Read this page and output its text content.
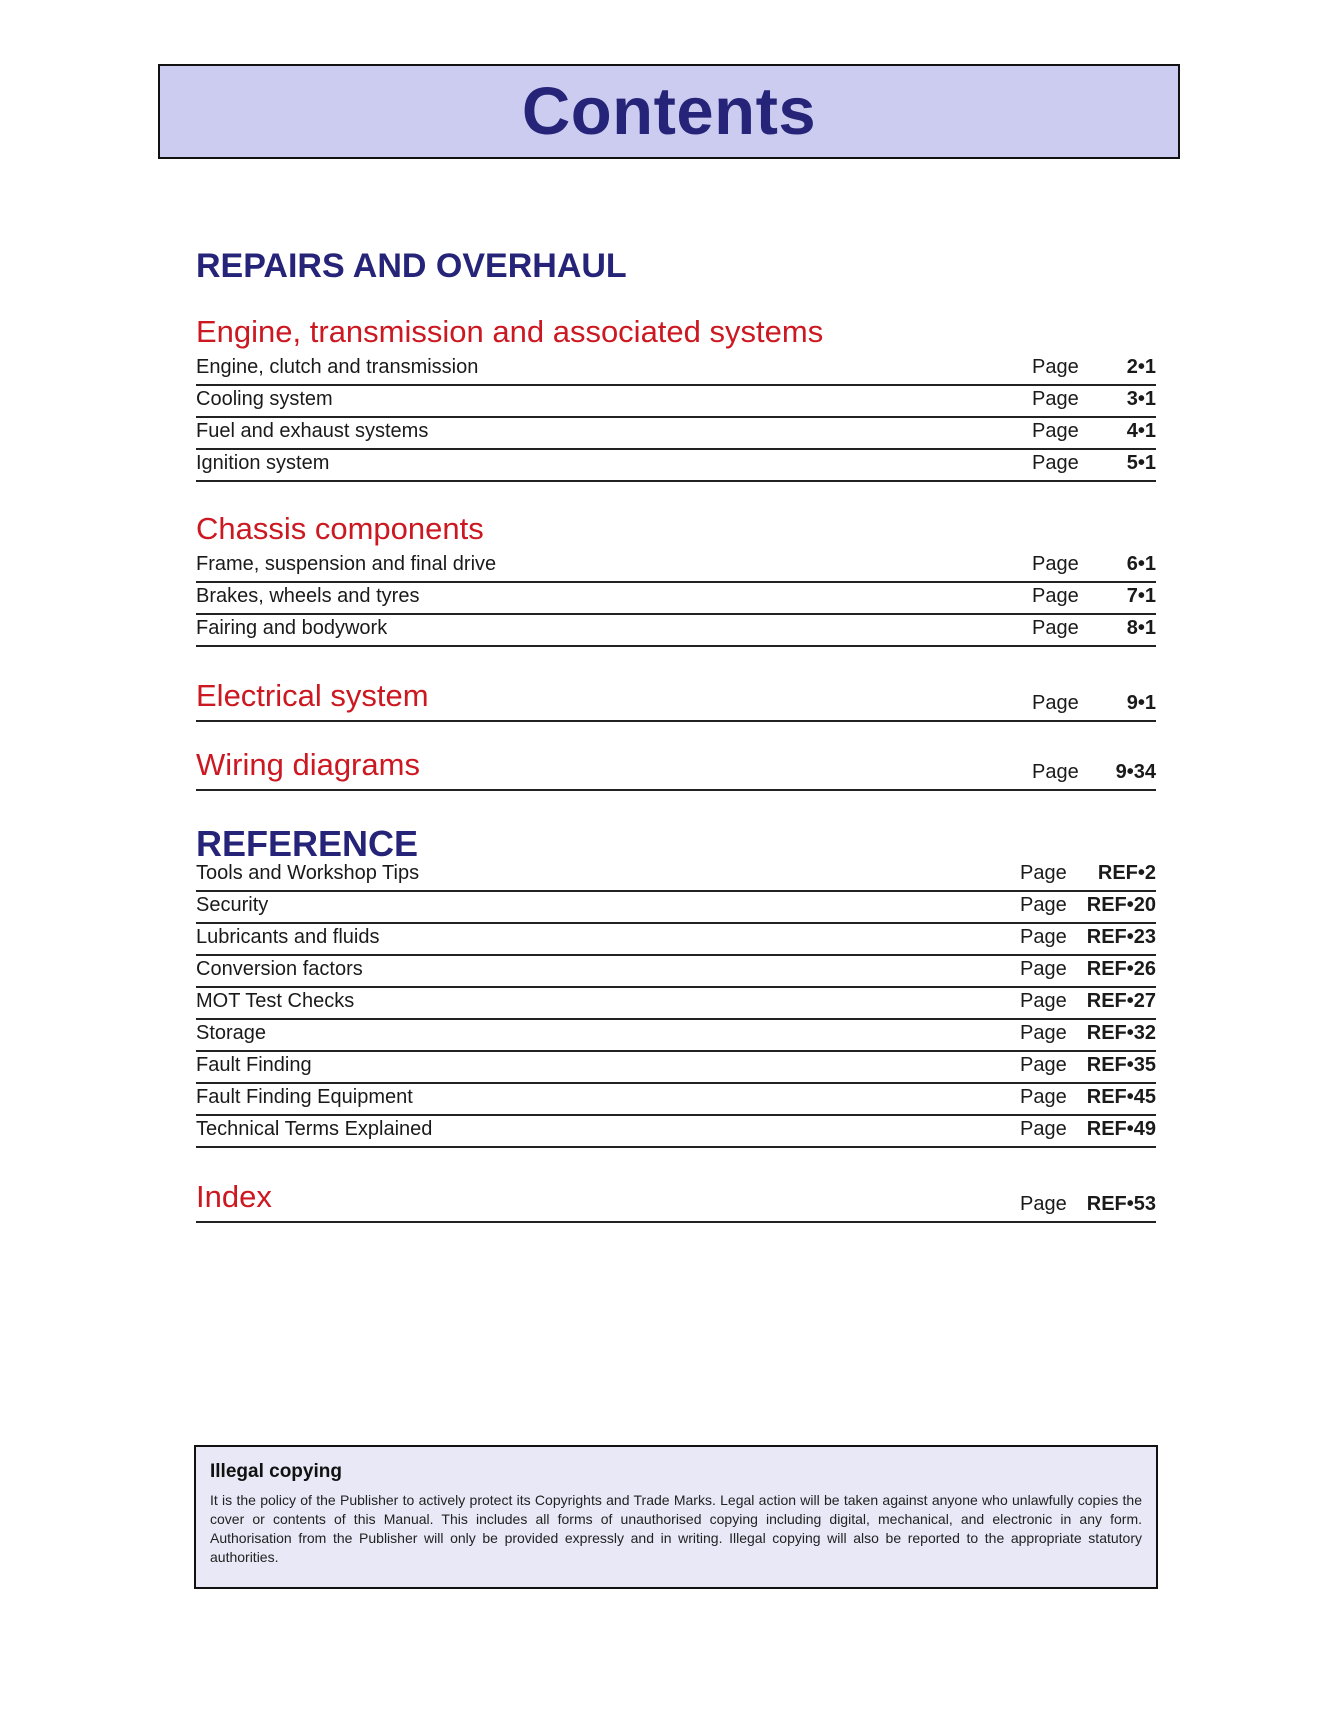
Contents
REPAIRS AND OVERHAUL
Engine, transmission and associated systems
Engine, clutch and transmission	Page	2•1
Cooling system	Page	3•1
Fuel and exhaust systems	Page	4•1
Ignition system	Page	5•1
Chassis components
Frame, suspension and final drive	Page	6•1
Brakes, wheels and tyres	Page	7•1
Fairing and bodywork	Page	8•1
Electrical system	Page	9•1
Wiring diagrams	Page	9•34
REFERENCE
Tools and Workshop Tips	Page	REF•2
Security	Page	REF•20
Lubricants and fluids	Page	REF•23
Conversion factors	Page	REF•26
MOT Test Checks	Page	REF•27
Storage	Page	REF•32
Fault Finding	Page	REF•35
Fault Finding Equipment	Page	REF•45
Technical Terms Explained	Page	REF•49
Index	Page	REF•53
Illegal copying

It is the policy of the Publisher to actively protect its Copyrights and Trade Marks. Legal action will be taken against anyone who unlawfully copies the cover or contents of this Manual. This includes all forms of unauthorised copying including digital, mechanical, and electronic in any form. Authorisation from the Publisher will only be provided expressly and in writing. Illegal copying will also be reported to the appropriate statutory authorities.
